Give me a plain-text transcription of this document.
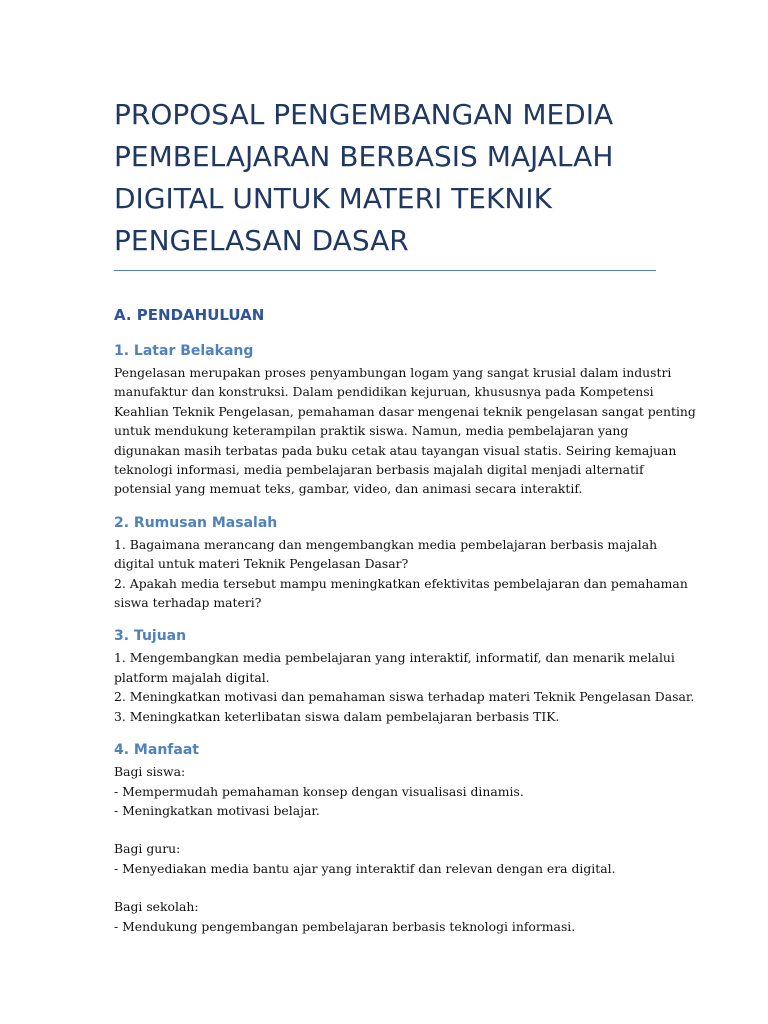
PROPOSAL PENGEMBANGAN MEDIA
PEMBELAJARAN BERBASIS MAJALAH
DIGITAL UNTUK MATERI TEKNIK
PENGELASAN DASAR
A. PENDAHULUAN
1. Latar Belakang
Pengelasan merupakan proses penyambungan logam yang sangat krusial dalam industri
manufaktur dan konstruksi. Dalam pendidikan kejuruan, khususnya pada Kompetensi
Keahlian Teknik Pengelasan, pemahaman dasar mengenai teknik pengelasan sangat penting
untuk mendukung keterampilan praktik siswa. Namun, media pembelajaran yang
digunakan masih terbatas pada buku cetak atau tayangan visual statis. Seiring kemajuan
teknologi informasi, media pembelajaran berbasis majalah digital menjadi alternatif
potensial yang memuat teks, gambar, video, dan animasi secara interaktif.
2. Rumusan Masalah
1. Bagaimana merancang dan mengembangkan media pembelajaran berbasis majalah
digital untuk materi Teknik Pengelasan Dasar?
2. Apakah media tersebut mampu meningkatkan efektivitas pembelajaran dan pemahaman
siswa terhadap materi?
3. Tujuan
1. Mengembangkan media pembelajaran yang interaktif, informatif, dan menarik melalui
platform majalah digital.
2. Meningkatkan motivasi dan pemahaman siswa terhadap materi Teknik Pengelasan Dasar.
3. Meningkatkan keterlibatan siswa dalam pembelajaran berbasis TIK.
4. Manfaat
Bagi siswa:
- Mempermudah pemahaman konsep dengan visualisasi dinamis.
- Meningkatkan motivasi belajar.
Bagi guru:
- Menyediakan media bantu ajar yang interaktif dan relevan dengan era digital.
Bagi sekolah:
- Mendukung pengembangan pembelajaran berbasis teknologi informasi.
